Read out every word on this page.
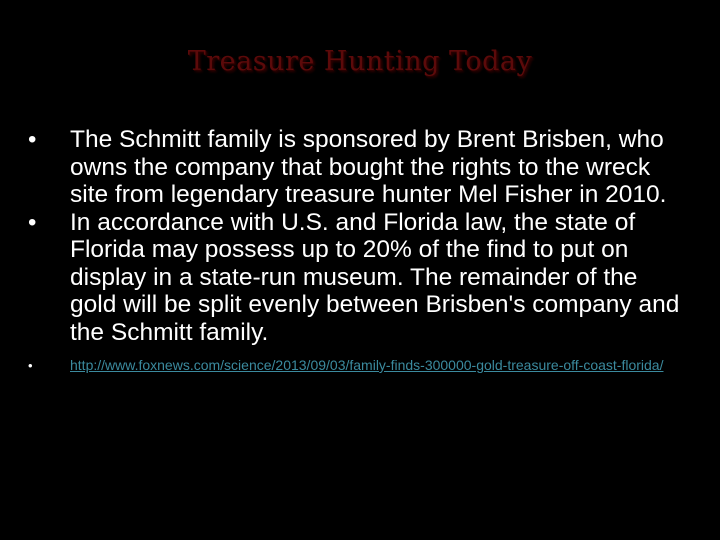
Treasure Hunting Today
•	The Schmitt family is sponsored by Brent Brisben, who owns the company that bought the rights to the wreck site from legendary treasure hunter Mel Fisher in 2010.
•	In accordance with U.S. and Florida law, the state of Florida may possess up to 20% of the find to put on display in a state-run museum. The remainder of the gold will be split evenly between Brisben's company and the Schmitt family.
•	http://www.foxnews.com/science/2013/09/03/family-finds-300000-gold-treasure-off-coast-florida/
